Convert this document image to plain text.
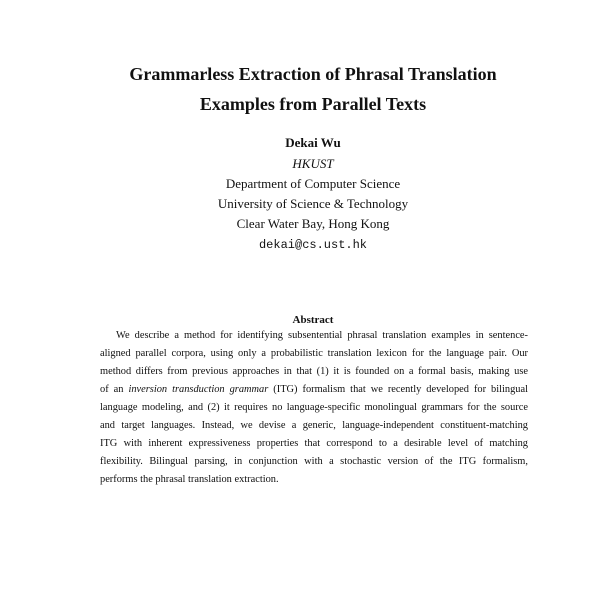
Grammarless Extraction of Phrasal Translation
Examples from Parallel Texts

Dekai Wu

HKUST

Department of Computer Science

University of Science & Technology

Clear Water Bay, Hong Kong

dekai@cs.ust.hk

Abstract
We describe a method for identifying subsentential phrasal translation examples in sentence-
aligned parallel corpora, using only a probabilistic translation lexicon for the language pair. Our
method differs from previous approaches in that (1) it is founded on a formal basis, making use
of an inversion transduction grammar (ITG) formalism that we recently developed for bilingual
language modeling, and (2) it requires no language-specific monolingual grammars for the source
and target languages. Instead, we devise a generic, language-independent constituent-matching
ITG with inherent expressiveness properties that correspond to a desirable level of matching
flexibility. Bilingual parsing, in conjunction with a stochastic version of the ITG formalism,
performs the phrasal translation extraction.
